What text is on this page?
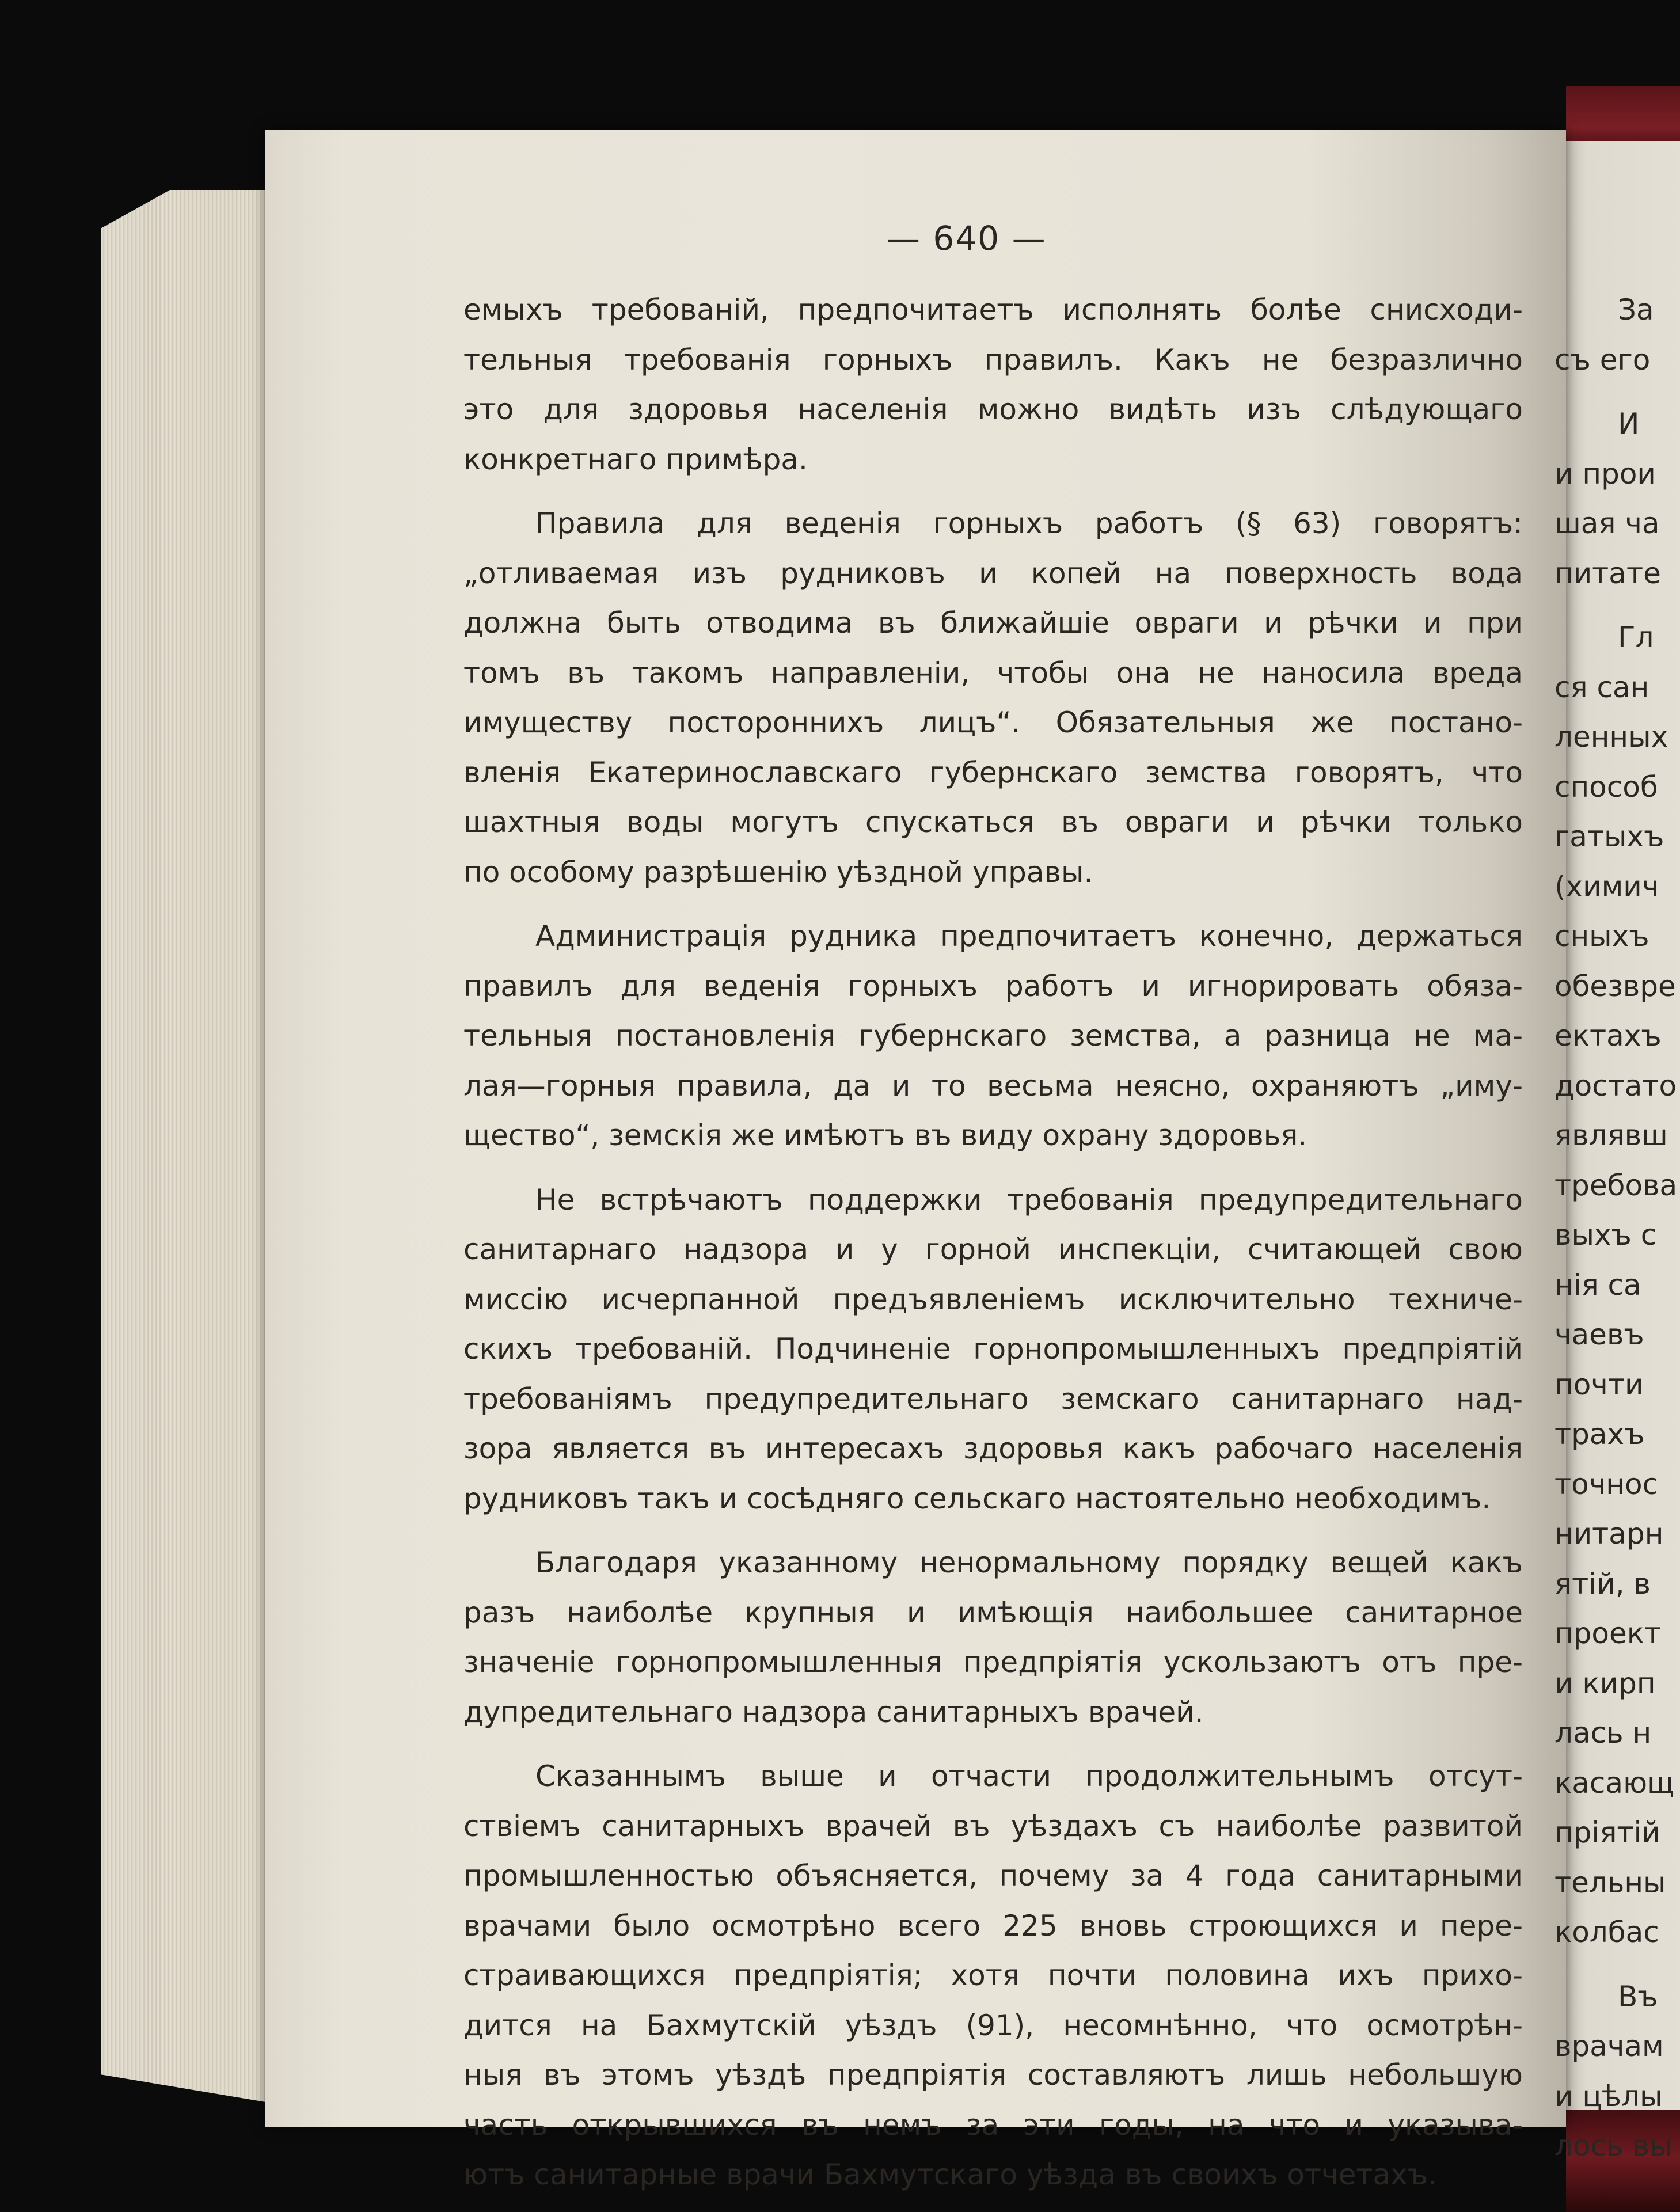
— 640 —

емыхъ требованій, предпочитаетъ исполнять болѣе снисходи-
тельныя требованія горныхъ правилъ. Какъ не безразлично
это для здоровья населенія можно видѣть изъ слѣдующаго
конкретнаго примѣра.

Правила для веденія горныхъ работъ (§ 63) говорятъ:
„отливаемая изъ рудниковъ и копей на поверхность вода
должна быть отводима въ ближайшіе овраги и рѣчки и при
томъ въ такомъ направленіи, чтобы она не наносила вреда
имуществу постороннихъ лицъ“. Обязательныя же постано-
вленія Екатеринославскаго губернскаго земства говорятъ, что
шахтныя воды могутъ спускаться въ овраги и рѣчки только
по особому разрѣшенію уѣздной управы.

Администрація рудника предпочитаетъ конечно, держаться
правилъ для веденія горныхъ работъ и игнорировать обяза-
тельныя постановленія губернскаго земства, а разница не ма-
лая—горныя правила, да и то весьма неясно, охраняютъ „иму-
щество“, земскія же имѣютъ въ виду охрану здоровья.

Не встрѣчаютъ поддержки требованія предупредительнаго
санитарнаго надзора и у горной инспекціи, считающей свою
миссію исчерпанной предъявленіемъ исключительно техниче-
скихъ требованій. Подчиненіе горнопромышленныхъ предпріятій
требованіямъ предупредительнаго земскаго санитарнаго над-
зора является въ интересахъ здоровья какъ рабочаго населенія
рудниковъ такъ и сосѣдняго сельскаго настоятельно необходимъ.

Благодаря указанному ненормальному порядку вещей какъ
разъ наиболѣе крупныя и имѣющія наибольшее санитарное
значеніе горнопромышленныя предпріятія ускользаютъ отъ пре-
дупредительнаго надзора санитарныхъ врачей.

Сказаннымъ выше и отчасти продолжительнымъ отсут-
ствіемъ санитарныхъ врачей въ уѣздахъ съ наиболѣе развитой
промышленностью объясняется, почему за 4 года санитарными
врачами было осмотрѣно всего 225 вновь строющихся и пере-
страивающихся предпріятія; хотя почти половина ихъ прихо-
дится на Бахмутскій уѣздъ (91), несомнѣнно, что осмотрѣн-
ныя въ этомъ уѣздѣ предпріятія составляютъ лишь небольшую
часть открывшихся въ немъ за эти годы, на что и указыва-
ютъ санитарные врачи Бахмутскаго уѣзда въ своихъ отчетахъ.

За
съ его
И
и прои
шая ча
питате
Гл
ся сан
ленных
способ
гатыхъ
(химич
сныхъ
обезвре
ектахъ
достато
являвш
требова
выхъ с
нія са
чаевъ
почти
трахъ
точнос
нитарн
ятій, в
проект
и кирп
лась н
касающ
пріятій
тельны
колбас
Въ
врачам
и цѣлы
лось вы
